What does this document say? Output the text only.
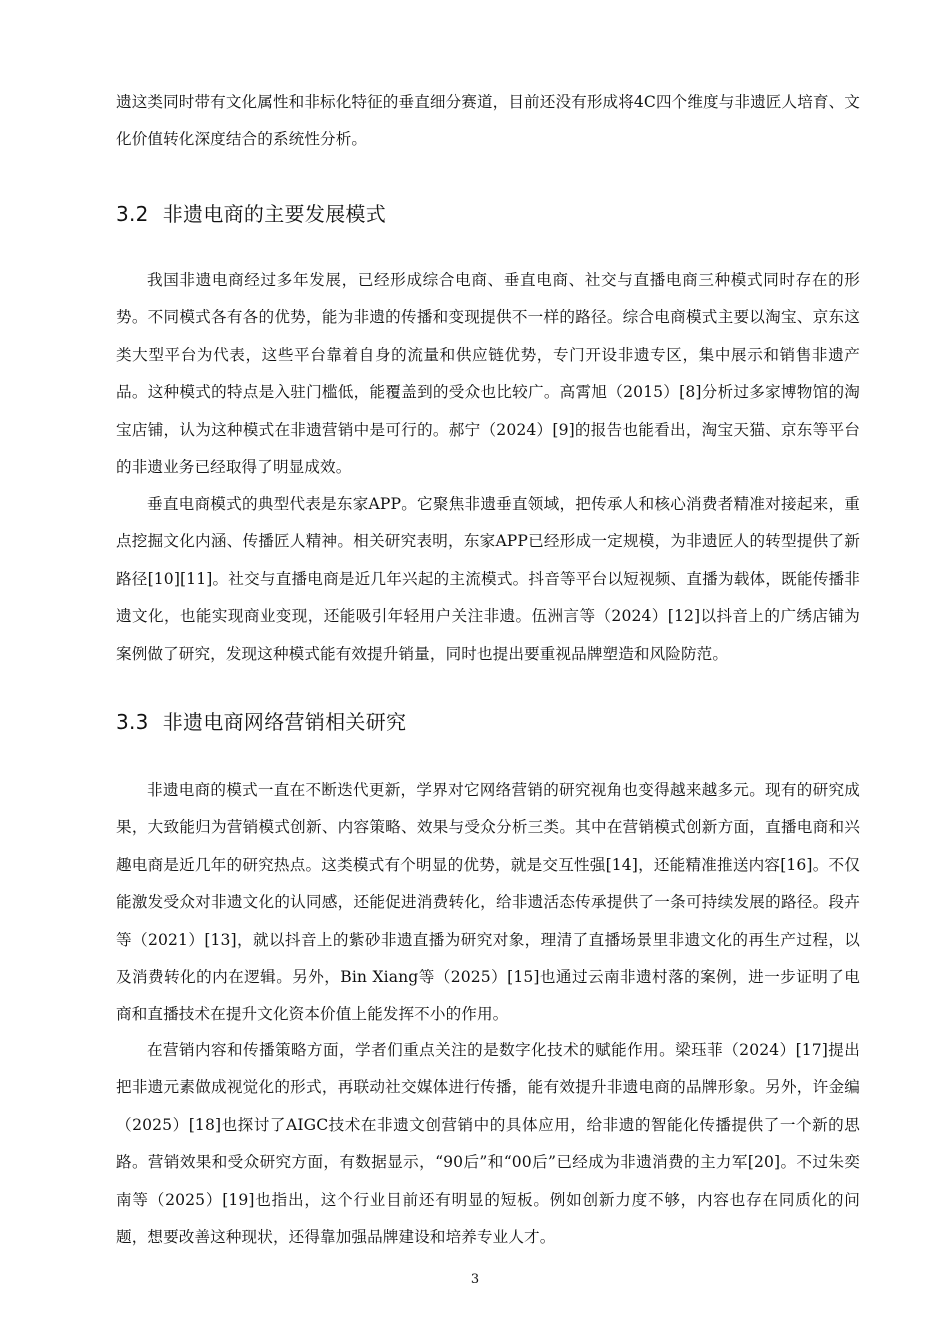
遗这类同时带有文化属性和非标化特征的垂直细分赛道，目前还没有形成将4C四个维度与非遗匠人培育、文化价值转化深度结合的系统性分析。

3.2 非遗电商的主要发展模式

我国非遗电商经过多年发展，已经形成综合电商、垂直电商、社交与直播电商三种模式同时存在的形势。不同模式各有各的优势，能为非遗的传播和变现提供不一样的路径。综合电商模式主要以淘宝、京东这类大型平台为代表，这些平台靠着自身的流量和供应链优势，专门开设非遗专区，集中展示和销售非遗产品。这种模式的特点是入驻门槛低，能覆盖到的受众也比较广。高霄旭（2015）[8]分析过多家博物馆的淘宝店铺，认为这种模式在非遗营销中是可行的。郝宁（2024）[9]的报告也能看出，淘宝天猫、京东等平台的非遗业务已经取得了明显成效。

垂直电商模式的典型代表是东家APP。它聚焦非遗垂直领域，把传承人和核心消费者精准对接起来，重点挖掘文化内涵、传播匠人精神。相关研究表明，东家APP已经形成一定规模，为非遗匠人的转型提供了新路径[10][11]。社交与直播电商是近几年兴起的主流模式。抖音等平台以短视频、直播为载体，既能传播非遗文化，也能实现商业变现，还能吸引年轻用户关注非遗。伍洲言等（2024）[12]以抖音上的广绣店铺为案例做了研究，发现这种模式能有效提升销量，同时也提出要重视品牌塑造和风险防范。

3.3 非遗电商网络营销相关研究

非遗电商的模式一直在不断迭代更新，学界对它网络营销的研究视角也变得越来越多元。现有的研究成果，大致能归为营销模式创新、内容策略、效果与受众分析三类。其中在营销模式创新方面，直播电商和兴趣电商是近几年的研究热点。这类模式有个明显的优势，就是交互性强[14]，还能精准推送内容[16]。不仅能激发受众对非遗文化的认同感，还能促进消费转化，给非遗活态传承提供了一条可持续发展的路径。段卉等（2021）[13]，就以抖音上的紫砂非遗直播为研究对象，理清了直播场景里非遗文化的再生产过程，以及消费转化的内在逻辑。另外，Bin Xiang等（2025）[15]也通过云南非遗村落的案例，进一步证明了电商和直播技术在提升文化资本价值上能发挥不小的作用。

在营销内容和传播策略方面，学者们重点关注的是数字化技术的赋能作用。梁珏菲（2024）[17]提出把非遗元素做成视觉化的形式，再联动社交媒体进行传播，能有效提升非遗电商的品牌形象。另外，许金编（2025）[18]也探讨了AIGC技术在非遗文创营销中的具体应用，给非遗的智能化传播提供了一个新的思路。营销效果和受众研究方面，有数据显示，“90后”和“00后”已经成为非遗消费的主力军[20]。不过朱奕南等（2025）[19]也指出，这个行业目前还有明显的短板。例如创新力度不够，内容也存在同质化的问题，想要改善这种现状，还得靠加强品牌建设和培养专业人才。

3
